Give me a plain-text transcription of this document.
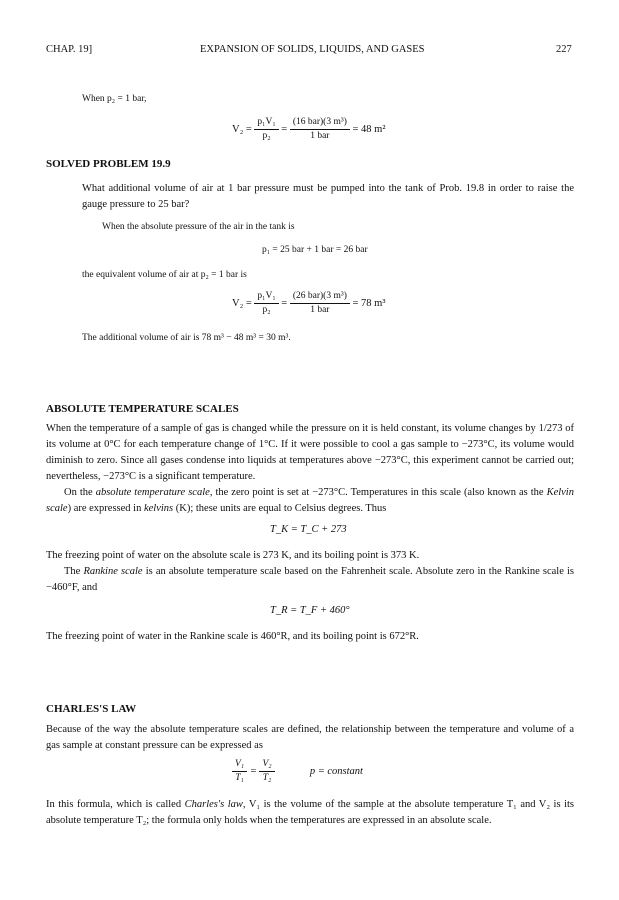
CHAP. 19]	EXPANSION OF SOLIDS, LIQUIDS, AND GASES	227
When p₂ = 1 bar,
$V_2 = \frac{\text{p₁V₁}}{\text{p₂}} = \frac{\text{(16 bar)(3 m³)}}{\text{1 bar}} = 48$ m²
SOLVED PROBLEM 19.9
What additional volume of air at 1 bar pressure must be pumped into the tank of Prob. 19.8 in order to raise the gauge pressure to 25 bar?
When the absolute pressure of the air in the tank is
p₁ = 25 bar + 1 bar = 26 bar
the equivalent volume of air at p₂ = 1 bar is
$V_2 = \frac{\text{p₁V₁}}{\text{p₂}} = \frac{\text{(26 bar)(3 m³)}}{\text{1 bar}} = 78$ m³
The additional volume of air is 78 m³ − 48 m³ = 30 m³.
ABSOLUTE TEMPERATURE SCALES
When the temperature of a sample of gas is changed while the pressure on it is held constant, its volume changes by 1/273 of its volume at 0°C for each temperature change of 1°C. If it were possible to cool a gas sample to −273°C, its volume would diminish to zero. Since all gases condense into liquids at temperatures above −273°C, this experiment cannot be carried out; nevertheless, −273°C is a significant temperature.
On the absolute temperature scale, the zero point is set at −273°C. Temperatures in this scale (also known as the Kelvin scale) are expressed in kelvins (K); these units are equal to Celsius degrees. Thus
T_K = T_C + 273
The freezing point of water on the absolute scale is 273 K, and its boiling point is 373 K.
The Rankine scale is an absolute temperature scale based on the Fahrenheit scale. Absolute zero in the Rankine scale is −460°F, and
T_R = T_F + 460°
The freezing point of water in the Rankine scale is 460°R, and its boiling point is 672°R.
CHARLES'S LAW
Because of the way the absolute temperature scales are defined, the relationship between the temperature and volume of a gas sample at constant pressure can be expressed as
$\frac{\text{V₁}}{\text{T₁}} = \frac{\text{V₂}}{\text{T₂}}$	p = constant
In this formula, which is called Charles's law, V₁ is the volume of the sample at the absolute temperature T₁ and V₂ is its absolute temperature T₂; the formula only holds when the temperatures are expressed in an absolute scale.
